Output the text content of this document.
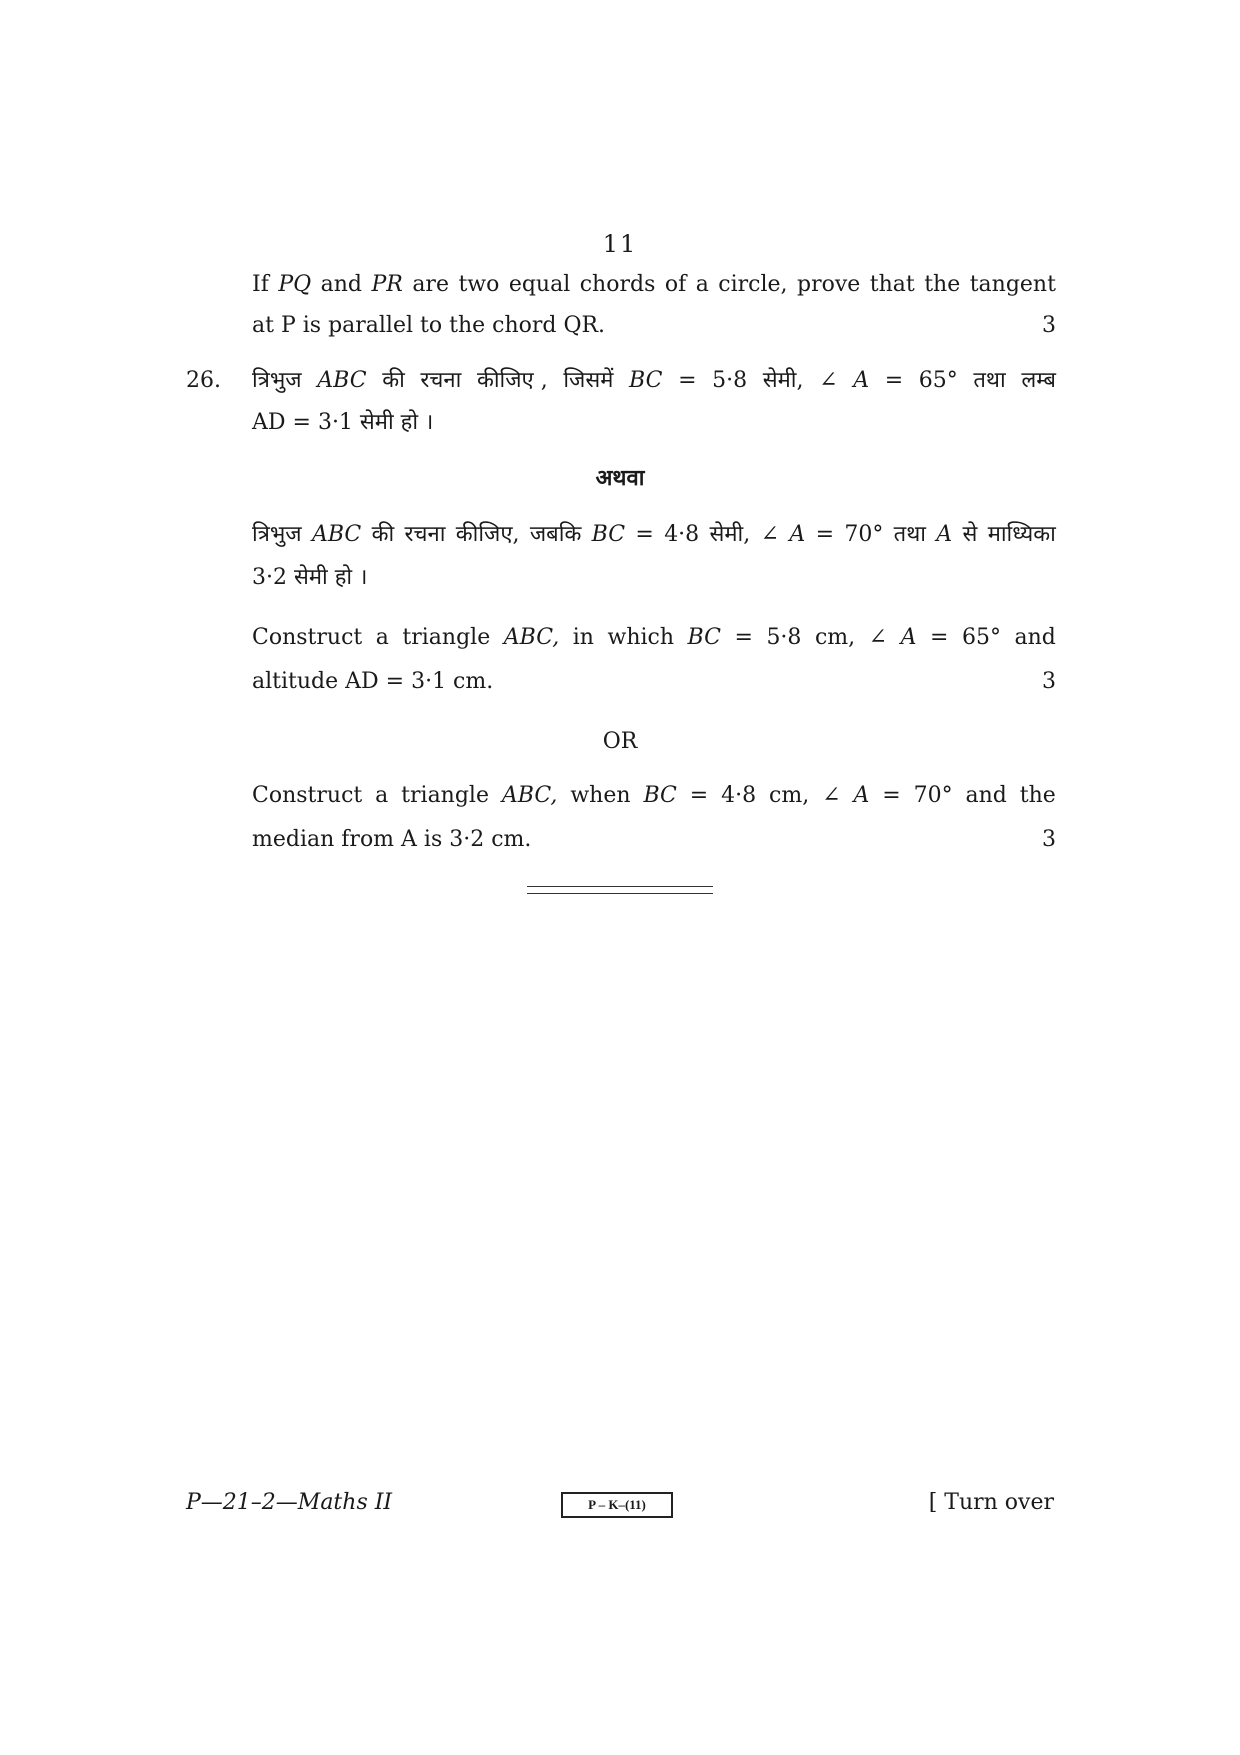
11
If PQ and PR are two equal chords of a circle, prove that the tangent
at P is parallel to the chord QR.	3
26. त्रिभुज ABC की रचना कीजिए , जिसमें BC = 5·8 सेमी, ∠ A = 65° तथा लम्ब
AD = 3·1 सेमी हो ।
अथवा
त्रिभुज ABC की रचना कीजिए, जबकि BC = 4·8 सेमी, ∠ A = 70° तथा A से माध्यिका
3·2 सेमी हो ।
Construct a triangle ABC, in which BC = 5·8 cm, ∠ A = 65° and
altitude AD = 3·1 cm.	3
OR
Construct a triangle ABC, when BC = 4·8 cm, ∠ A = 70° and the
median from A is 3·2 cm.	3
P—21–2—Maths II	P – K–(11)	[ Turn over
